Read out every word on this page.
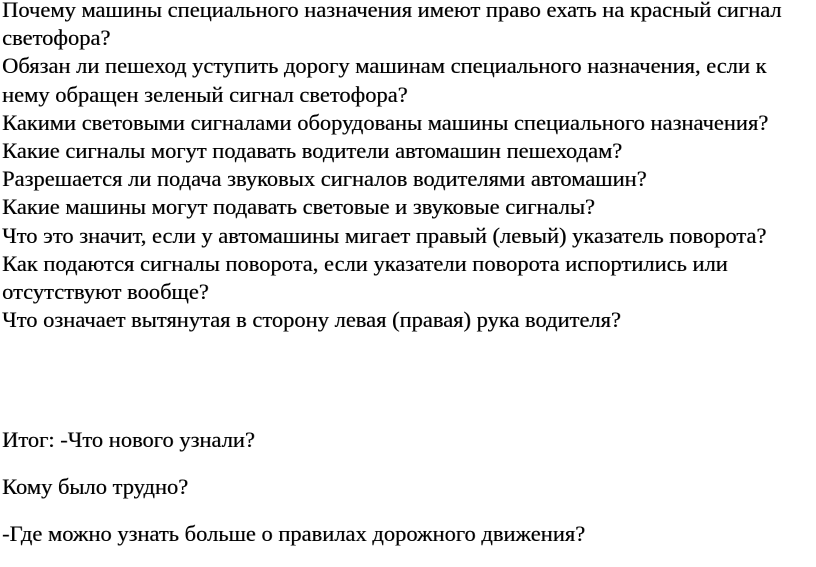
Почему машины специального назначения имеют право ехать на красный сигнал светофора?

Обязан ли пешеход уступить дорогу машинам специального назначения, если к нему обращен зеленый сигнал светофора?

Какими световыми сигналами оборудованы машины специального назначения?

Какие сигналы могут подавать водители автомашин пешеходам?

Разрешается ли подача звуковых сигналов водителями автомашин?

Какие машины могут подавать световые и звуковые сигналы?

Что это значит, если у автомашины мигает правый (левый) указатель поворота?

Как подаются сигналы поворота, если указатели поворота испортились или отсутствуют вообще?

Что означает вытянутая в сторону левая (правая) рука водителя?

Итог: -Что нового узнали?

Кому было трудно?

-Где можно узнать больше о правилах дорожного движения?
